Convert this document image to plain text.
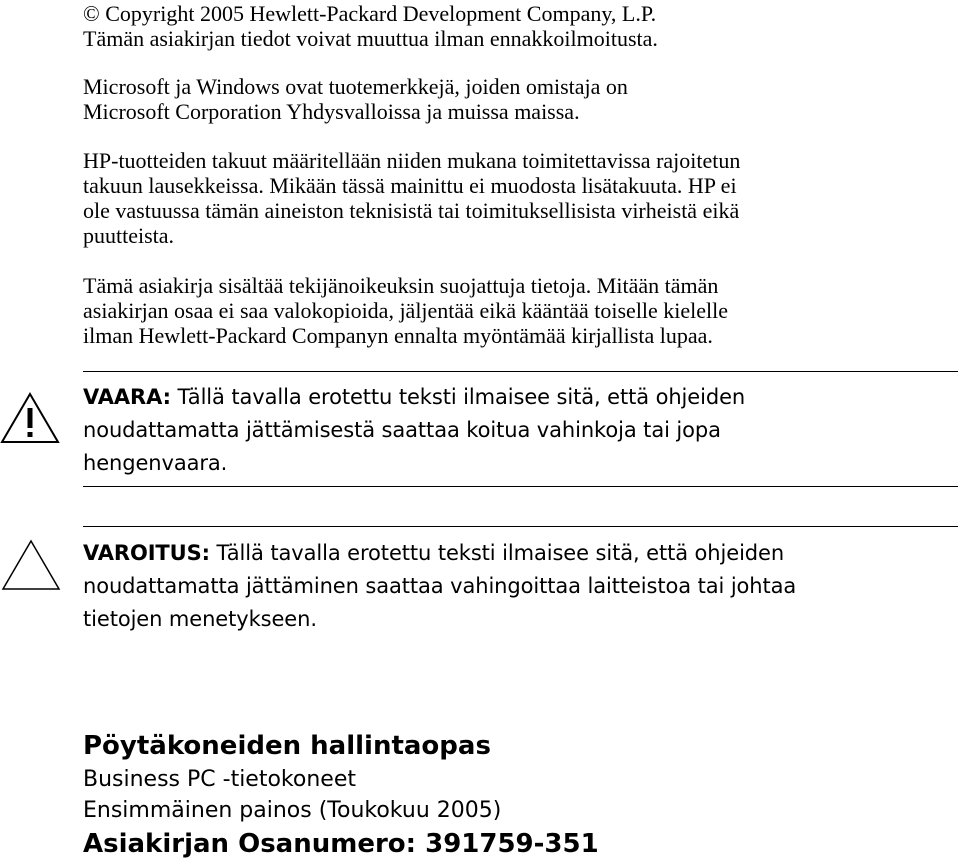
© Copyright 2005 Hewlett-Packard Development Company, L.P.
Tämän asiakirjan tiedot voivat muuttua ilman ennakkoilmoitusta.
Microsoft ja Windows ovat tuotemerkkejä, joiden omistaja on
Microsoft Corporation Yhdysvalloissa ja muissa maissa.
HP-tuotteiden takuut määritellään niiden mukana toimitettavissa rajoitetun
takuun lausekkeissa. Mikään tässä mainittu ei muodosta lisätakuuta. HP ei
ole vastuussa tämän aineiston teknisistä tai toimituksellisista virheistä eikä
puutteista.
Tämä asiakirja sisältää tekijänoikeuksin suojattuja tietoja. Mitään tämän
asiakirjan osaa ei saa valokopioida, jäljentää eikä kääntää toiselle kielelle
ilman Hewlett-Packard Companyn ennalta myöntämää kirjallista lupaa.
VAARA: Tällä tavalla erotettu teksti ilmaisee sitä, että ohjeiden
noudattamatta jättämisestä saattaa koitua vahinkoja tai jopa
hengenvaara.
VAROITUS: Tällä tavalla erotettu teksti ilmaisee sitä, että ohjeiden
noudattamatta jättäminen saattaa vahingoittaa laitteistoa tai johtaa
tietojen menetykseen.
Pöytäkoneiden hallintaopas
Business PC -tietokoneet
Ensimmäinen painos (Toukokuu 2005)
Asiakirjan Osanumero: 391759-351
